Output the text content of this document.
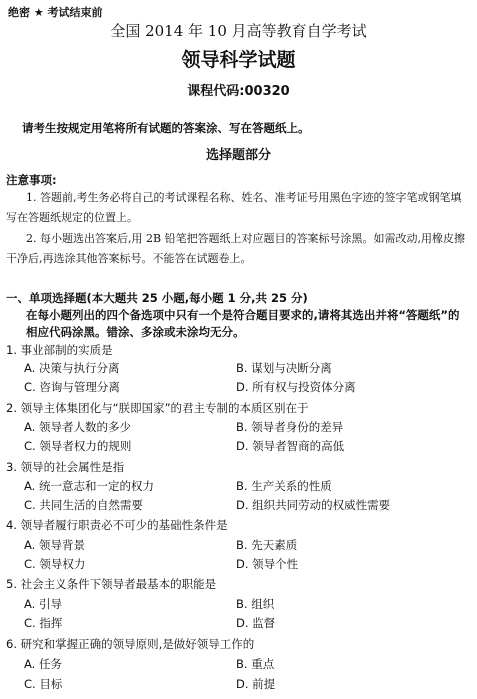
绝密 ★ 考试结束前
全国 2014 年 10 月高等教育自学考试
领导科学试题
课程代码:00320
请考生按规定用笔将所有试题的答案涂、写在答题纸上。
选择题部分
注意事项:
1. 答题前,考生务必将自己的考试课程名称、姓名、准考证号用黑色字迹的签字笔或钢笔填写在答题纸规定的位置上。
2. 每小题选出答案后,用 2B 铅笔把答题纸上对应题目的答案标号涂黑。如需改动,用橡皮擦干净后,再选涂其他答案标号。不能答在试题卷上。
一、单项选择题(本大题共 25 小题,每小题 1 分,共 25 分)
在每小题列出的四个备选项中只有一个是符合题目要求的,请将其选出并将“答题纸”的相应代码涂黑。错涂、多涂或未涂均无分。
1. 事业部制的实质是
A. 决策与执行分离	B. 谋划与决断分离
C. 咨询与管理分离	D. 所有权与投资体分离
2. 领导主体集团化与“朕即国家”的君主专制的本质区别在于
A. 领导者人数的多少	B. 领导者身份的差异
C. 领导者权力的规则	D. 领导者智商的高低
3. 领导的社会属性是指
A. 统一意志和一定的权力	B. 生产关系的性质
C. 共同生活的自然需要	D. 组织共同劳动的权威性需要
4. 领导者履行职责必不可少的基础性条件是
A. 领导背景	B. 先天素质
C. 领导权力	D. 领导个性
5. 社会主义条件下领导者最基本的职能是
A. 引导	B. 组织
C. 指挥	D. 监督
6. 研究和掌握正确的领导原则,是做好领导工作的
A. 任务	B. 重点
C. 目标	D. 前提
